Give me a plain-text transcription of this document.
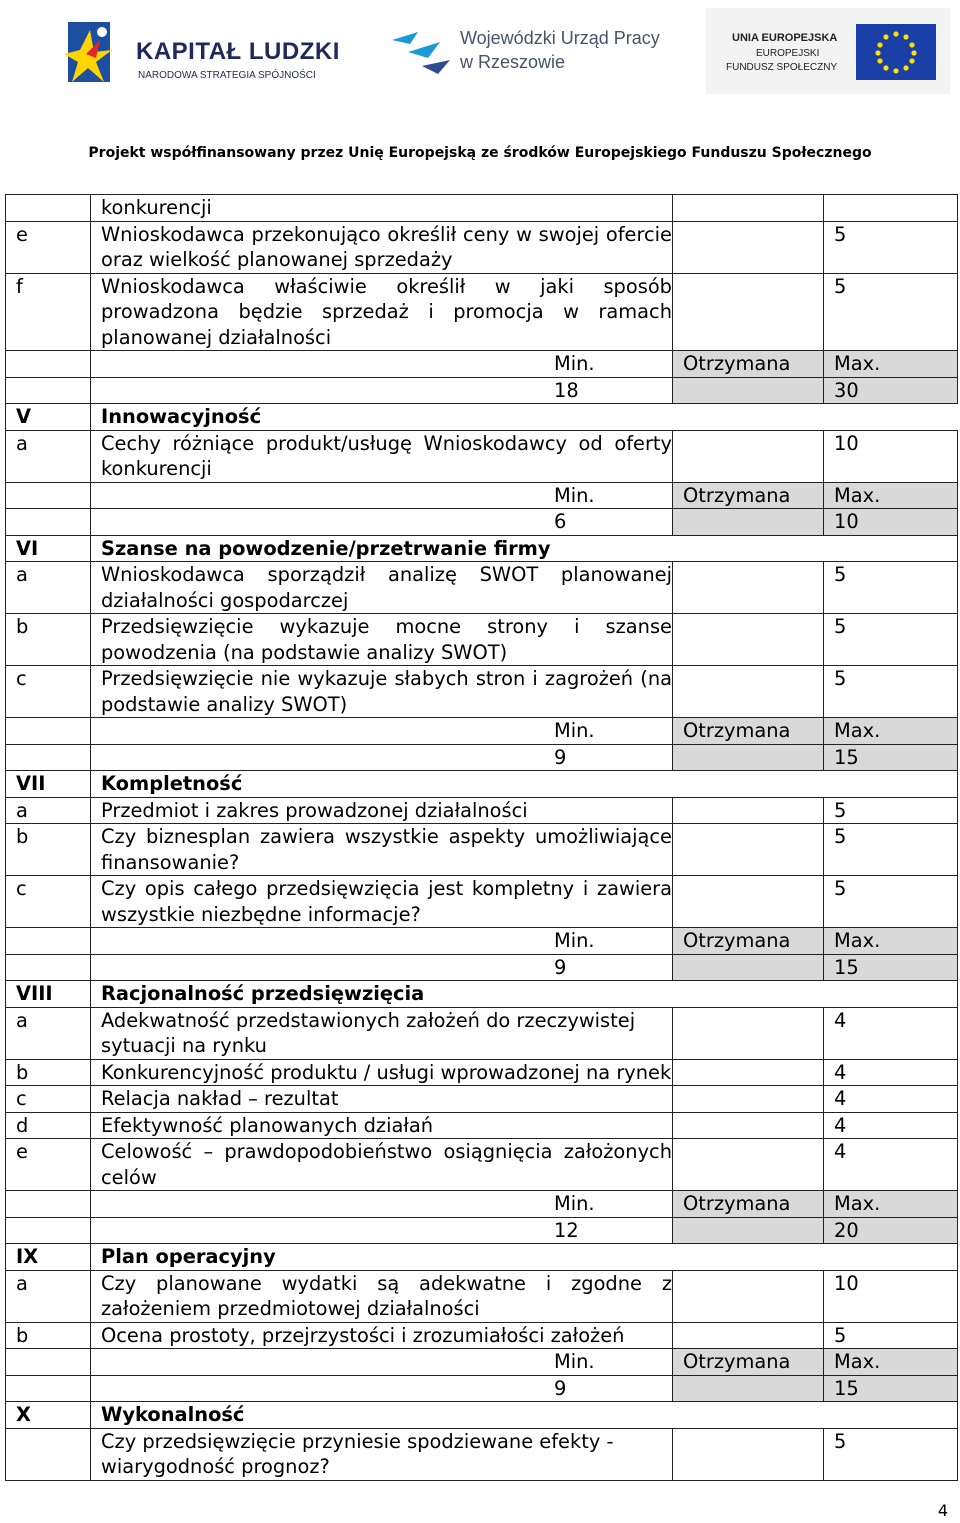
KAPITAŁ LUDZKI
NARODOWA STRATEGIA SPÓJNOŚCI
Wojewódzki Urząd Pracy
w Rzeszowie
UNIA EUROPEJSKA
EUROPEJSKI
FUNDUSZ SPOŁECZNY
Projekt współfinansowany przez Unię Europejską ze środków Europejskiego Funduszu Społecznego
	konkurencji		
e	Wnioskodawca przekonująco określił ceny w swojej ofercie oraz wielkość planowanej sprzedaży		5
f	Wnioskodawca właściwie określił w jaki sposób prowadzona będzie sprzedaż i promocja w ramach planowanej działalności		5
	Min.	Otrzymana	Max.
	18		30
V	Innowacyjność		
a	Cechy różniące produkt/usługę Wnioskodawcy od oferty konkurencji		10
	Min.	Otrzymana	Max.
	6		10
VI	Szanse na powodzenie/przetrwanie firmy		
a	Wnioskodawca sporządził analizę SWOT planowanej działalności gospodarczej		5
b	Przedsięwzięcie wykazuje mocne strony i szanse powodzenia (na podstawie analizy SWOT)		5
c	Przedsięwzięcie nie wykazuje słabych stron i zagrożeń (na podstawie analizy SWOT)		5
	Min.	Otrzymana	Max.
	9		15
VII	Kompletność		
a	Przedmiot i zakres prowadzonej działalności		5
b	Czy biznesplan zawiera wszystkie aspekty umożliwiające finansowanie?		5
c	Czy opis całego przedsięwzięcia jest kompletny i zawiera wszystkie niezbędne informacje?		5
	Min.	Otrzymana	Max.
	9		15
VIII	Racjonalność przedsięwzięcia		
a	Adekwatność przedstawionych założeń do rzeczywistej sytuacji na rynku		4
b	Konkurencyjność produktu / usługi wprowadzonej na rynek		4
c	Relacja nakład – rezultat		4
d	Efektywność planowanych działań		4
e	Celowość – prawdopodobieństwo osiągnięcia założonych celów		4
	Min.	Otrzymana	Max.
	12		20
IX	Plan operacyjny		
a	Czy planowane wydatki są adekwatne i zgodne z założeniem przedmiotowej działalności		10
b	Ocena prostoty, przejrzystości i zrozumiałości założeń		5
	Min.	Otrzymana	Max.
	9		15
X	Wykonalność		
	Czy przedsięwzięcie przyniesie spodziewane efekty - wiarygodność prognoz?		5
4
